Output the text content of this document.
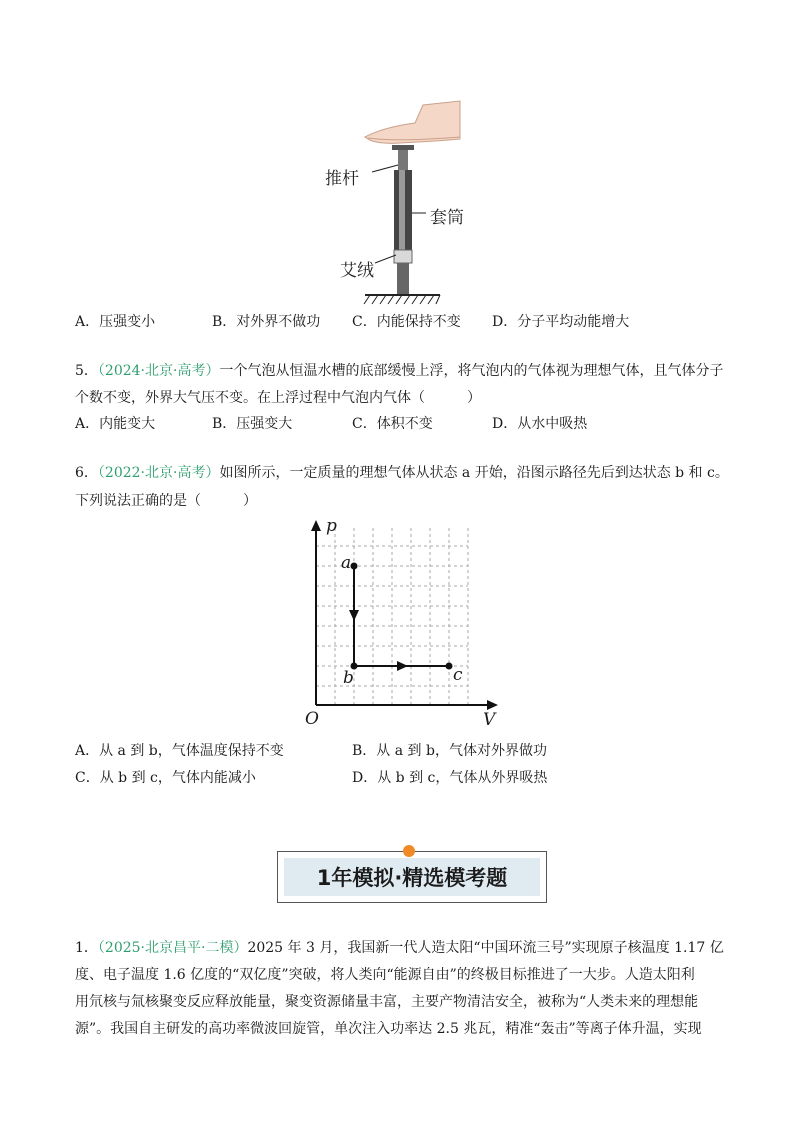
推杆
套筒
艾绒
A．压强变小	B．对外界不做功 C．内能保持不变 D．分子平均动能增大
5．（2024·北京·高考）一个气泡从恒温水槽的底部缓慢上浮，将气泡内的气体视为理想气体，且气体分子
个数不变，外界大气压不变。在上浮过程中气泡内气体（　　　）
A．内能变大	B．压强变大	C．体积不变	D．从水中吸热
6．（2022·北京·高考）如图所示，一定质量的理想气体从状态 a 开始，沿图示路径先后到达状态 b 和 c。
下列说法正确的是（　　　）
p
V
O
a
b	c
A．从 a 到 b，气体温度保持不变	B．从 a 到 b，气体对外界做功
C．从 b 到 c，气体内能减小	D．从 b 到 c，气体从外界吸热
1年模拟·精选模考题
1．（2025·北京昌平·二模）2025 年 3 月，我国新一代人造太阳“中国环流三号”实现原子核温度 1.17 亿
度、电子温度 1.6 亿度的“双亿度”突破，将人类向“能源自由”的终极目标推进了一大步。人造太阳利
用氘核与氚核聚变反应释放能量，聚变资源储量丰富，主要产物清洁安全，被称为“人类未来的理想能
源”。我国自主研发的高功率微波回旋管，单次注入功率达 2.5 兆瓦，精准“轰击”等离子体升温，实现
